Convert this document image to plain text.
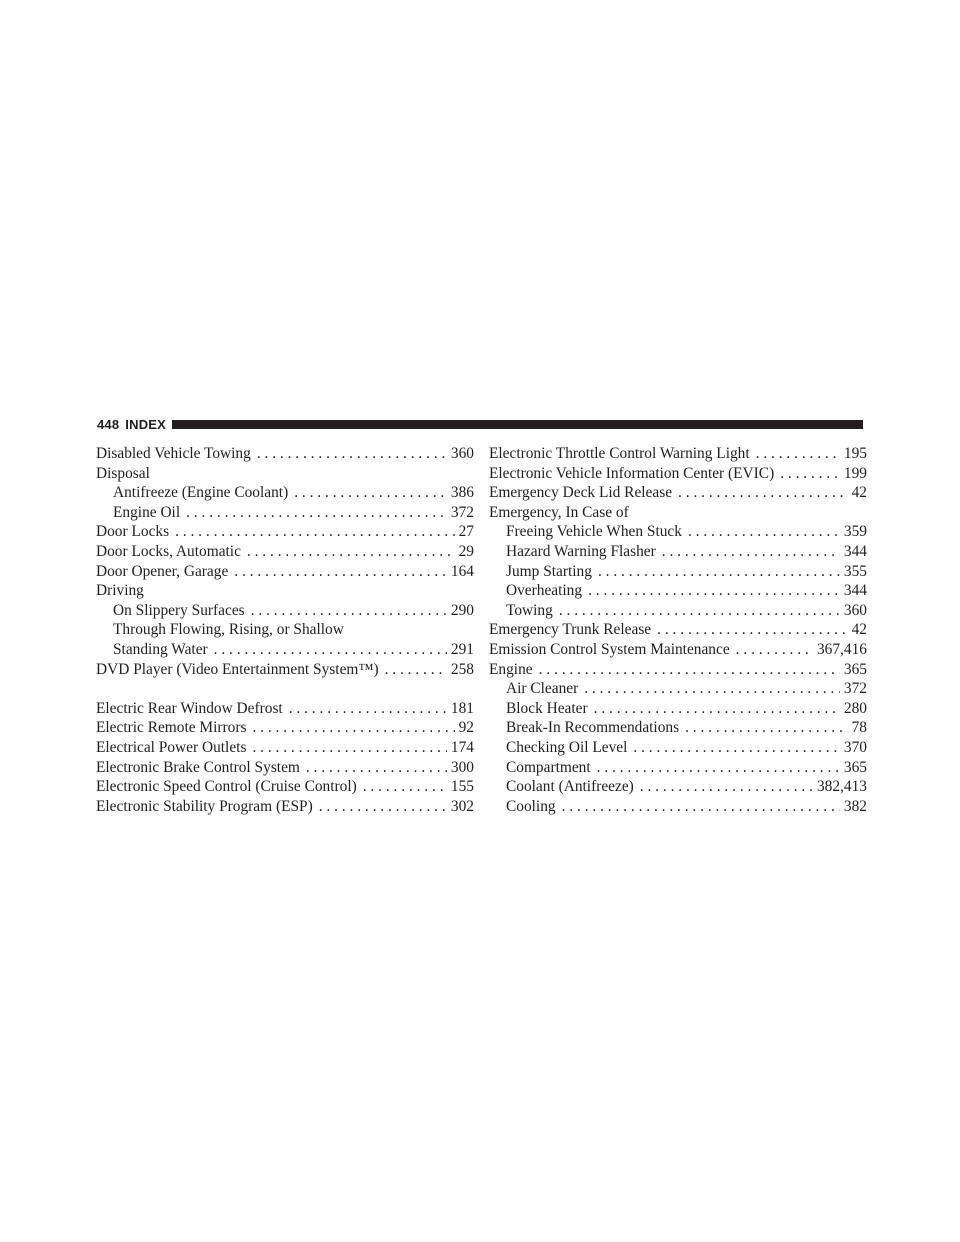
448 INDEX
Disabled Vehicle Towing . . .	360
Disposal
Antifreeze (Engine Coolant) . . .	386
Engine Oil . . .	372
Door Locks . . .	27
Door Locks, Automatic . . .	29
Door Opener, Garage . . .	164
Driving
On Slippery Surfaces . . .	290
Through Flowing, Rising, or Shallow
Standing Water . . .	291
DVD Player (Video Entertainment System™) . . .	258
Electric Rear Window Defrost . . .	181
Electric Remote Mirrors . . .	92
Electrical Power Outlets . . .	174
Electronic Brake Control System . . .	300
Electronic Speed Control (Cruise Control) . . .	155
Electronic Stability Program (ESP) . . .	302
Electronic Throttle Control Warning Light . . .	195
Electronic Vehicle Information Center (EVIC) . . .	199
Emergency Deck Lid Release . . .	42
Emergency, In Case of
Freeing Vehicle When Stuck . . .	359
Hazard Warning Flasher . . .	344
Jump Starting . . .	355
Overheating . . .	344
Towing . . .	360
Emergency Trunk Release . . .	42
Emission Control System Maintenance . . .	367,416
Engine . . .	365
Air Cleaner . . .	372
Block Heater . . .	280
Break-In Recommendations . . .	78
Checking Oil Level . . .	370
Compartment . . .	365
Coolant (Antifreeze) . . .	382,413
Cooling . . .	382
